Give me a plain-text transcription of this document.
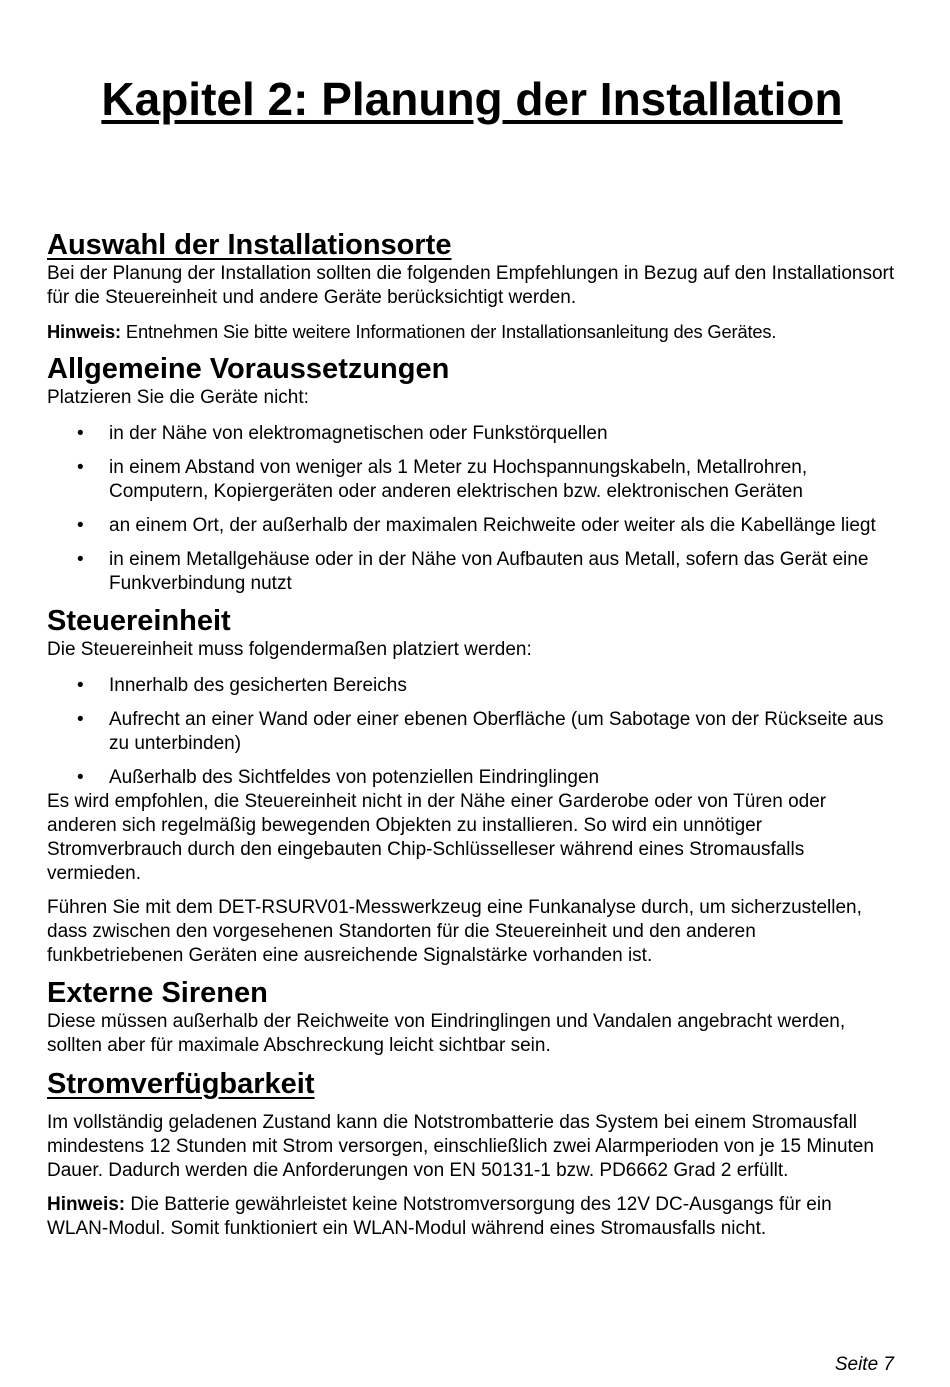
Kapitel 2: Planung der Installation
Auswahl der Installationsorte

Bei der Planung der Installation sollten die folgenden Empfehlungen in Bezug auf den Installationsort für die Steuereinheit und andere Geräte berücksichtigt werden.

Hinweis: Entnehmen Sie bitte weitere Informationen der Installationsanleitung des Gerätes.

Allgemeine Voraussetzungen

Platzieren Sie die Geräte nicht:

• in der Nähe von elektromagnetischen oder Funkstörquellen
• in einem Abstand von weniger als 1 Meter zu Hochspannungskabeln, Metallrohren, Computern, Kopiergeräten oder anderen elektrischen bzw. elektronischen Geräten
• an einem Ort, der außerhalb der maximalen Reichweite oder weiter als die Kabellänge liegt
• in einem Metallgehäuse oder in der Nähe von Aufbauten aus Metall, sofern das Gerät eine Funkverbindung nutzt
Steuereinheit

Die Steuereinheit muss folgendermaßen platziert werden:

• Innerhalb des gesicherten Bereichs
• Aufrecht an einer Wand oder einer ebenen Oberfläche (um Sabotage von der Rückseite aus zu unterbinden)
• Außerhalb des Sichtfeldes von potenziellen Eindringlingen

Es wird empfohlen, die Steuereinheit nicht in der Nähe einer Garderobe oder von Türen oder anderen sich regelmäßig bewegenden Objekten zu installieren. So wird ein unnötiger Stromverbrauch durch den eingebauten Chip-Schlüsselleser während eines Stromausfalls vermieden.

Führen Sie mit dem DET-RSURV01-Messwerkzeug eine Funkanalyse durch, um sicherzustellen, dass zwischen den vorgesehenen Standorten für die Steuereinheit und den anderen funkbetriebenen Geräten eine ausreichende Signalstärke vorhanden ist.

Externe Sirenen

Diese müssen außerhalb der Reichweite von Eindringlingen und Vandalen angebracht werden, sollten aber für maximale Abschreckung leicht sichtbar sein.

Stromverfügbarkeit

Im vollständig geladenen Zustand kann die Notstrombatterie das System bei einem Stromausfall mindestens 12 Stunden mit Strom versorgen, einschließlich zwei Alarmperioden von je 15 Minuten Dauer. Dadurch werden die Anforderungen von EN 50131-1 bzw. PD6662 Grad 2 erfüllt.

Hinweis: Die Batterie gewährleistet keine Notstromversorgung des 12V DC-Ausgangs für ein WLAN-Modul. Somit funktioniert ein WLAN-Modul während eines Stromausfalls nicht.

Seite 7
